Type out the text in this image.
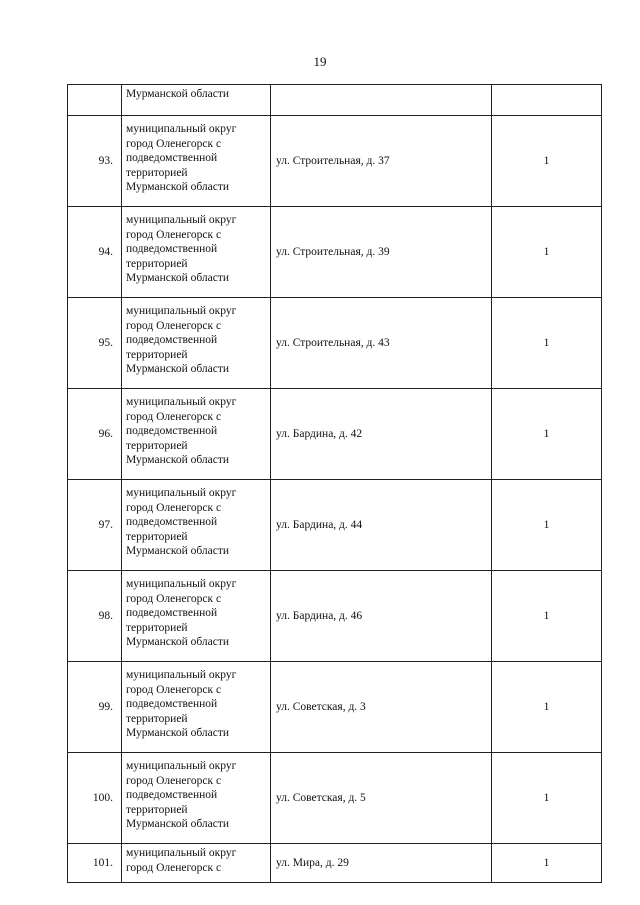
19

	Мурманской области		

93.	муниципальный округ
город Оленегорск с
подведомственной
территорией
Мурманской области	ул. Строительная, д. 37	1
94.	муниципальный округ
город Оленегорск с
подведомственной
территорией
Мурманской области	ул. Строительная, д. 39	1
95.	муниципальный округ
город Оленегорск с
подведомственной
территорией
Мурманской области	ул. Строительная, д. 43	1
96.	муниципальный округ
город Оленегорск с
подведомственной
территорией
Мурманской области	ул. Бардина, д. 42	1
97.	муниципальный округ
город Оленегорск с
подведомственной
территорией
Мурманской области	ул. Бардина, д. 44	1
98.	муниципальный округ
город Оленегорск с
подведомственной
территорией
Мурманской области	ул. Бардина, д. 46	1
99.	муниципальный округ
город Оленегорск с
подведомственной
территорией
Мурманской области	ул. Советская, д. 3	1
100.	муниципальный округ
город Оленегорск с
подведомственной
территорией
Мурманской области	ул. Советская, д. 5	1
101.	муниципальный округ
город Оленегорск с	ул. Мира, д. 29	1
